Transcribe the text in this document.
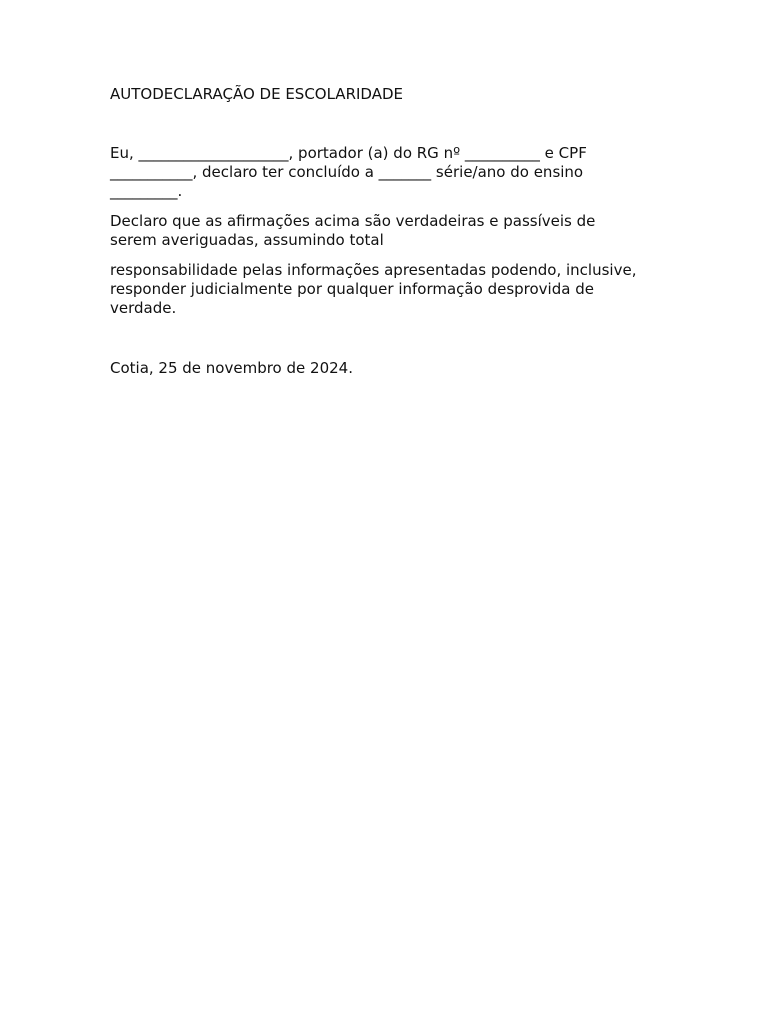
AUTODECLARAÇÃO DE ESCOLARIDADE
Eu, ____________________, portador (a) do RG nº __________ e CPF
___________, declaro ter concluído a _______ série/ano do ensino
_________.
Declaro que as afirmações acima são verdadeiras e passíveis de
serem averiguadas, assumindo total
responsabilidade pelas informações apresentadas podendo, inclusive,
responder judicialmente por qualquer informação desprovida de
verdade.
Cotia, 25 de novembro de 2024.
